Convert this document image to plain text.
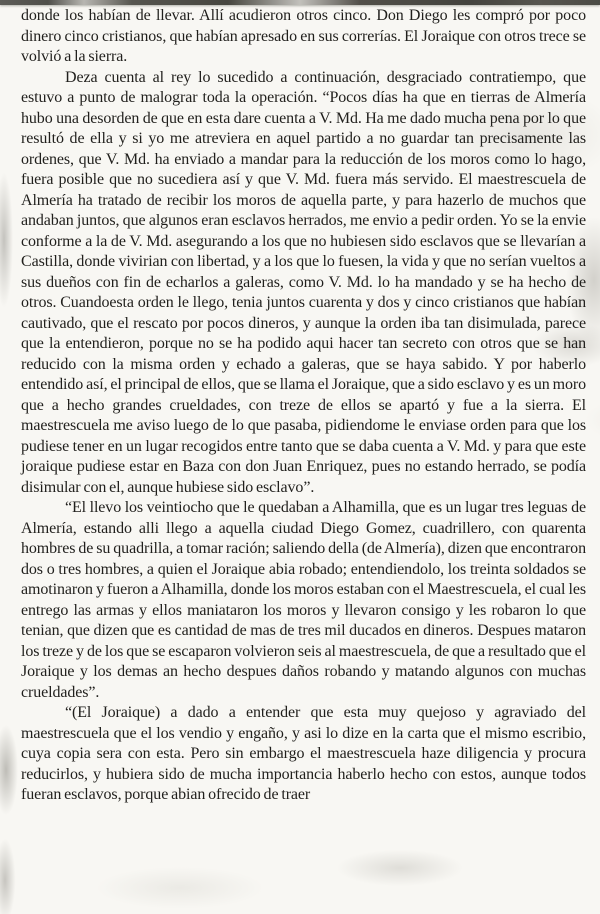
donde los habían de llevar. Allí acudieron otros cinco. Don Diego les compró por poco dinero cinco cristianos, que habían apresado en sus correrías. El Joraique con otros trece se volvió a la sierra.

Deza cuenta al rey lo sucedido a continuación, desgraciado contratiempo, que estuvo a punto de malograr toda la operación. “Pocos días ha que en tierras de Almería hubo una desorden de que en esta dare cuenta a V. Md. Ha me dado mucha pena por lo que resultó de ella y si yo me atreviera en aquel partido a no guardar tan precisamente las ordenes, que V. Md. ha enviado a mandar para la reducción de los moros como lo hago, fuera posible que no sucediera así y que V. Md. fuera más servido. El maestrescuela de Almería ha tratado de recibir los moros de aquella parte, y para hazerlo de muchos que andaban juntos, que algunos eran esclavos herrados, me envio a pedir orden. Yo se la envie conforme a la de V. Md. asegurando a los que no hubiesen sido esclavos que se llevarían a Castilla, donde vivirian con libertad, y a los que lo fuesen, la vida y que no serían vueltos a sus dueños con fin de echarlos a galeras, como V. Md. lo ha mandado y se ha hecho de otros. Cuandoesta orden le llego, tenia juntos cuarenta y dos y cinco cristianos que habían cautivado, que el rescato por pocos dineros, y aunque la orden iba tan disimulada, parece que la entendieron, porque no se ha podido aqui hacer tan secreto con otros que se han reducido con la misma orden y echado a galeras, que se haya sabido. Y por haberlo entendido así, el principal de ellos, que se llama el Joraique, que a sido esclavo y es un moro que a hecho grandes crueldades, con treze de ellos se apartó y fue a la sierra. El maestrescuela me aviso luego de lo que pasaba, pidiendome le enviase orden para que los pudiese tener en un lugar recogidos entre tanto que se daba cuenta a V. Md. y para que este joraique pudiese estar en Baza con don Juan Enriquez, pues no estando herrado, se podía disimular con el, aunque hubiese sido esclavo”.

“El llevo los veintiocho que le quedaban a Alhamilla, que es un lugar tres leguas de Almería, estando alli llego a aquella ciudad Diego Gomez, cuadrillero, con quarenta hombres de su quadrilla, a tomar ración; saliendo della (de Almería), dizen que encontraron dos o tres hombres, a quien el Joraique abia robado; entendiendolo, los treinta soldados se amotinaron y fueron a Alhamilla, donde los moros estaban con el Maestrescuela, el cual les entrego las armas y ellos maniataron los moros y llevaron consigo y les robaron lo que tenian, que dizen que es cantidad de mas de tres mil ducados en dineros. Despues mataron los treze y de los que se escaparon volvieron seis al maestrescuela, de que a resultado que el Joraique y los demas an hecho despues daños robando y matando algunos con muchas crueldades”.

“(El Joraique) a dado a entender que esta muy quejoso y agraviado del maestrescuela que el los vendio y engaño, y asi lo dize en la carta que el mismo escribio, cuya copia sera con esta. Pero sin embargo el maestrescuela haze diligencia y procura reducirlos, y hubiera sido de mucha importancia haberlo hecho con estos, aunque todos fueran esclavos, porque abian ofrecido de traer
